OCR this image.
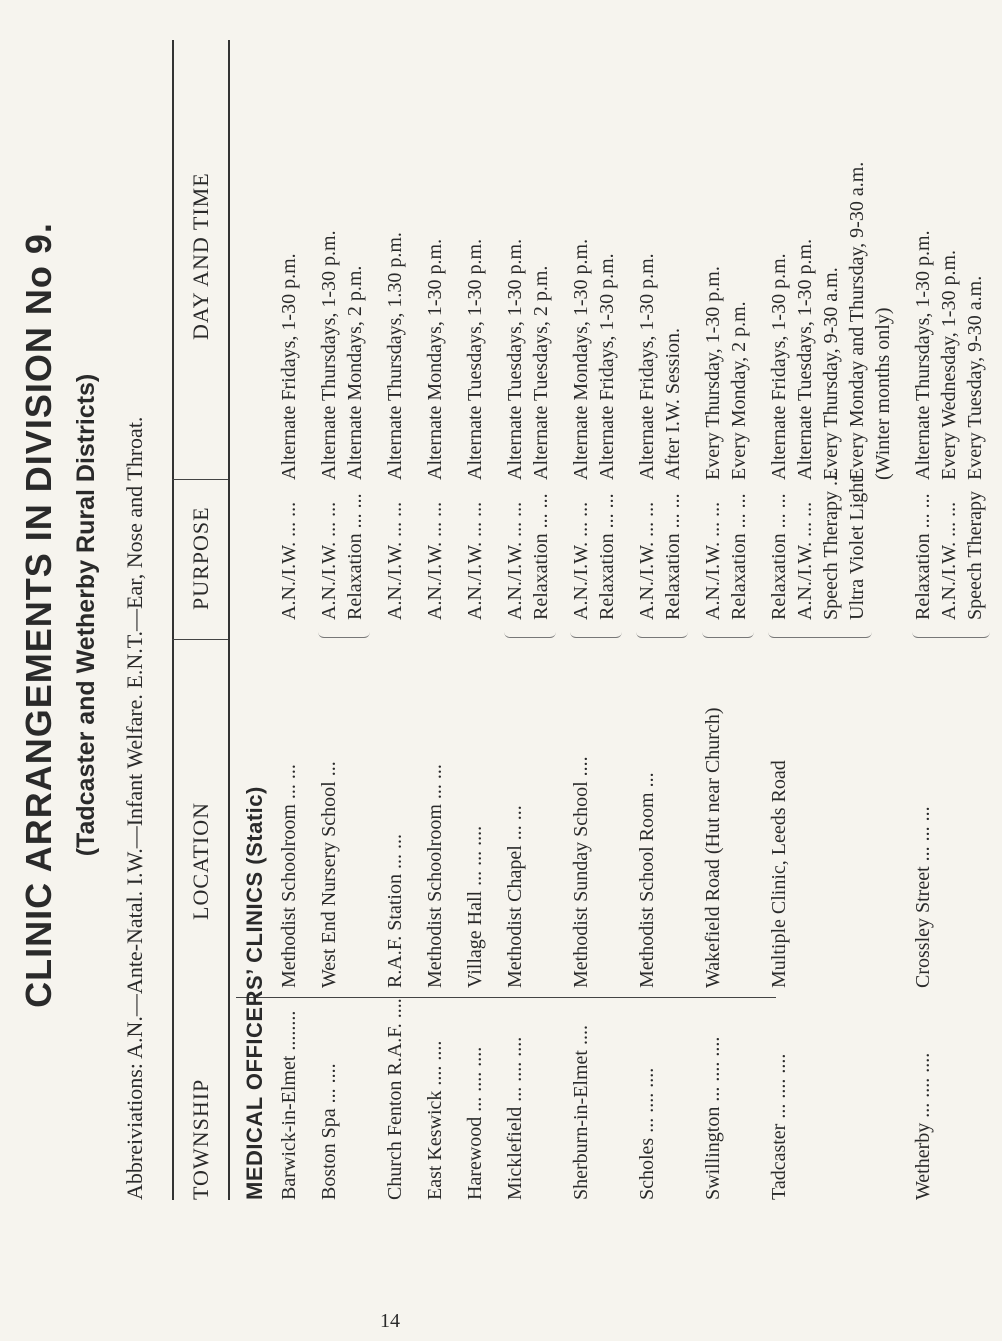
CLINIC ARRANGEMENTS IN DIVISION No 9. (Tadcaster and Wetherby Rural Districts) Abbreiviations: A.N.—Ante-Natal. I.W.—Infant Welfare. E.N.T.—Ear, Nose and Throat. TOWNSHIP
LOCATION
PURPOSE
DAY AND TIME
MEDICAL OFFICERS’ CLINICS (Static) Barwick-in-Elmet ........
Methodist Schoolroom ... ...
A.N./I.W. ... ...
Alternate Fridays, 1-30 p.m.
Boston Spa ... ....
West End Nursery School ...
A.N./I.W. ... ... Relaxation ... ...
Alternate Thursdays, 1-30 p.m. Alternate Mondays, 2 p.m.
Church Fenton R.A.F. ....
R.A.F. Station ... ...
A.N./I.W. ... ...
Alternate Thursdays, 1.30 p.m.
East Keswick .... ....
Methodist Schoolroom ... ...
A.N./I.W. ... ...
Alternate Mondays, 1-30 p.m.
Harewood ... .... ....
Village Hall ... ... ....
A.N./I.W. ... ...
Alternate Tuesdays, 1-30 p.m.
Micklefield ... .... ....
Methodist Chapel ... ...
A.N./I.W. ... ... Relaxation ... ...
Alternate Tuesdays, 1-30 p.m. Alternate Tuesdays, 2 p.m.
Sherburn-in-Elmet ....
Methodist Sunday School ....
A.N./I.W. ... ... Relaxation ... ...
Alternate Mondays, 1-30 p.m. Alternate Fridays, 1-30 p.m.
Scholes ... .... ....
Methodist School Room ...
A.N./I.W. ... ... Relaxation ... ...
Alternate Fridays, 1-30 p.m. After I.W. Session.
Swillington ... .... ....
Wakefield Road (Hut near Church)
A.N./I.W. ... ... Relaxation ... ...
Every Thursday, 1-30 p.m. Every Monday, 2 p.m.
Tadcaster ... .... ....
Multiple Clinic, Leeds Road
Relaxation ... ... A.N./I.W. ... ... Speech Therapy ... Ultra Violet Light
Alternate Fridays, 1-30 p.m. Alternate Tuesdays, 1-30 p.m. Every Thursday, 9-30 a.m. Every Monday and Thursday, 9-30 a.m. (Winter months only)
Wetherby ... .... ....
Crossley Street ... ... ...
Relaxation ... ... A.N./I.W. ... ... Speech Therapy
Alternate Thursdays, 1-30 p.m. Every Wednesday, 1-30 p.m. Every Tuesday, 9-30 a.m.
14
